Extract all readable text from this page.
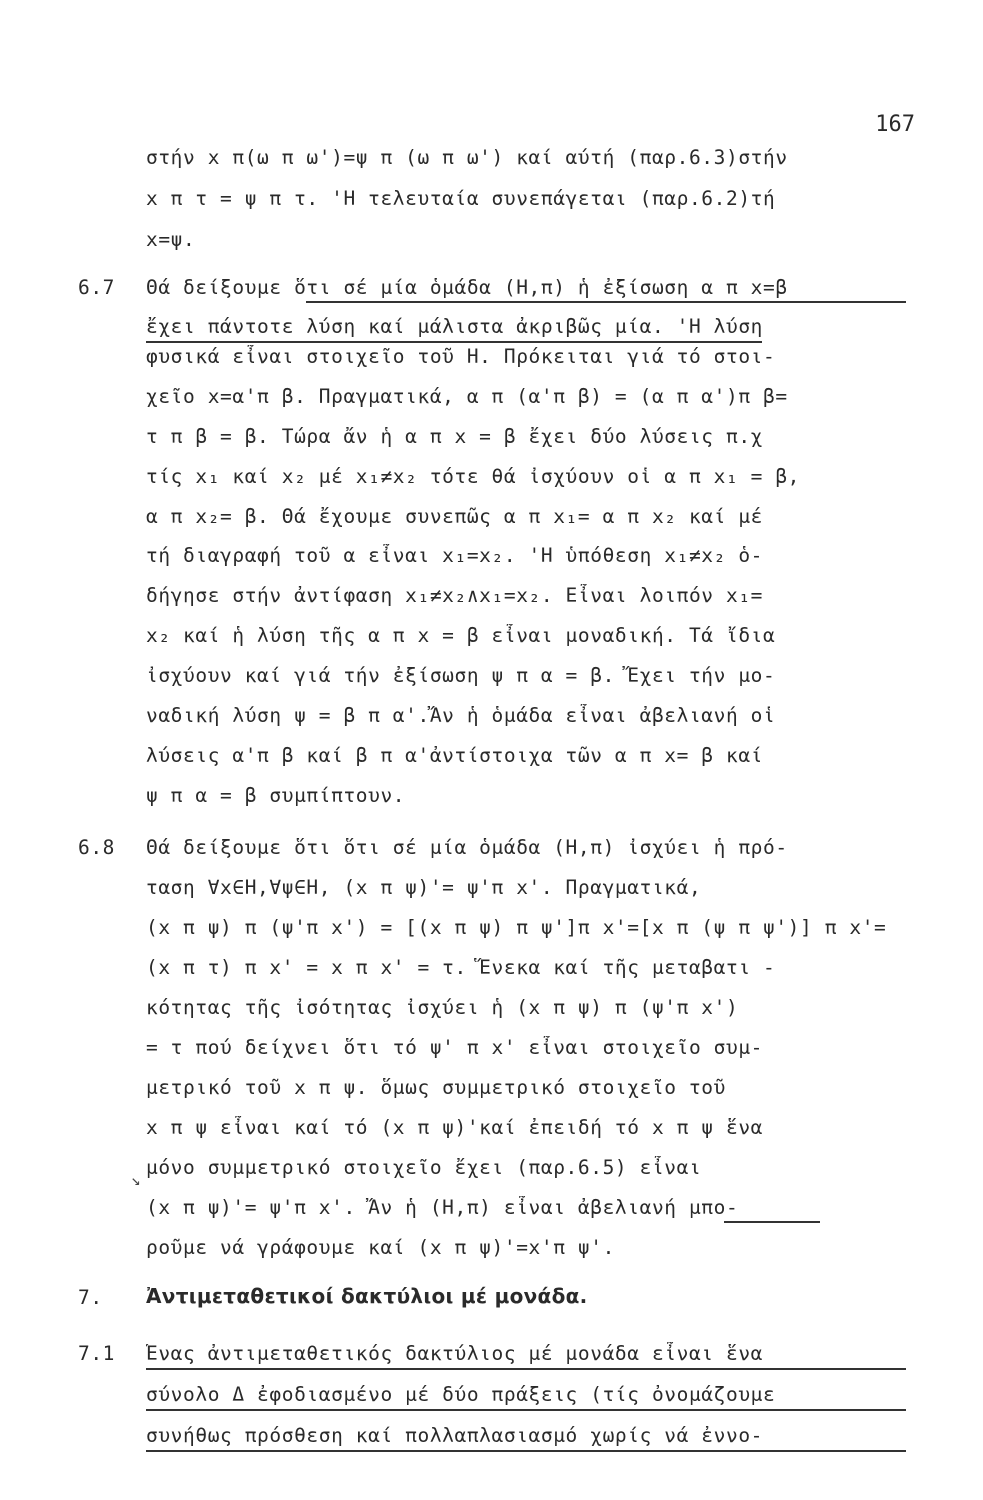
167
στήν x π(ω π ω')=ψ π (ω π ω') καί αύτή (παρ.6.3)στήν
x π τ = ψ π τ. 'Η τελευταία συνεπάγεται (παρ.6.2)τή
x=ψ.
6.7	Θά δείξουμε ὅτι σέ μία ὁμάδα (Η,π) ἡ ἐξίσωση α π x=β
ἔχει πάντοτε λύση καί μάλιστα ἀκριβῶς μία. 'Η λύση
φυσικά εἶναι στοιχεῖο τοῦ Η. Πρόκειται γιά τό στοι-
χεῖο x=α'π β. Πραγματικά, α π (α'π β) = (α π α')π β=
τ π β = β. Τώρα ἄν ἡ α π x = β ἔχει δύο λύσεις π.χ
τίς x₁ καί x₂ μέ x₁≠x₂ τότε θά ἰσχύουν οἱ α π x₁ = β,
α π x₂= β. Θά ἔχουμε συνεπῶς α π x₁= α π x₂ καί μέ
τή διαγραφή τοῦ α εἶναι x₁=x₂. 'Η ὑπόθεση x₁≠x₂ ὁ-
δήγησε στήν ἀντίφαση x₁≠x₂∧x₁=x₂. Εἶναι λοιπόν x₁=
x₂ καί ἡ λύση τῆς α π x = β εἶναι μοναδική. Τά ἴδια
ἰσχύουν καί γιά τήν ἐξίσωση ψ π α = β. Ἔχει τήν μο-
ναδική λύση ψ = β π α'.Ἄν ἡ ὁμάδα εἶναι ἀβελιανή οἱ
λύσεις α'π β καί β π α'ἀντίστοιχα τῶν α π x= β καί
ψ π α = β συμπίπτουν.
6.8	Θά δείξουμε ὅτι ὅτι σέ μία ὁμάδα (Η,π) ἰσχύει ἡ πρό-
ταση ∀x∈Η,∀ψ∈Η, (x π ψ)'= ψ'π x'. Πραγματικά,
(x π ψ) π (ψ'π x') = [(x π ψ) π ψ']π x'=[x π (ψ π ψ')] π x'=
(x π τ) π x' = x π x' = τ. Ἕνεκα καί τῆς μεταβατι -
κότητας τῆς ἰσότητας ἰσχύει ἡ (x π ψ) π (ψ'π x')
= τ πού δείχνει ὅτι τό ψ' π x' εἶναι στοιχεῖο συμ-
μετρικό τοῦ x π ψ. ὅμως συμμετρικό στοιχεῖο τοῦ
x π ψ εἶναι καί τό (x π ψ)'καί ἐπειδή τό x π ψ ἕνα
μόνο συμμετρικό στοιχεῖο ἔχει (παρ.6.5) εἶναι
↘
(x π ψ)'= ψ'π x'. Ἄν ἡ (Η,π) εἶναι ἀβελιανή μπο-
ροῦμε νά γράφουμε καί (x π ψ)'=x'π ψ'.
7.	Ἀντιμεταθετικοί δακτύλιοι μέ μονάδα.
7.1	Ἕνας ἀντιμεταθετικός δακτύλιος μέ μονάδα εἶναι ἕνα
σύνολο Δ ἐφοδιασμένο μέ δύο πράξεις (τίς ὀνομάζουμε
συνήθως πρόσθεση καί πολλαπλασιασμό χωρίς νά ἐννο-
